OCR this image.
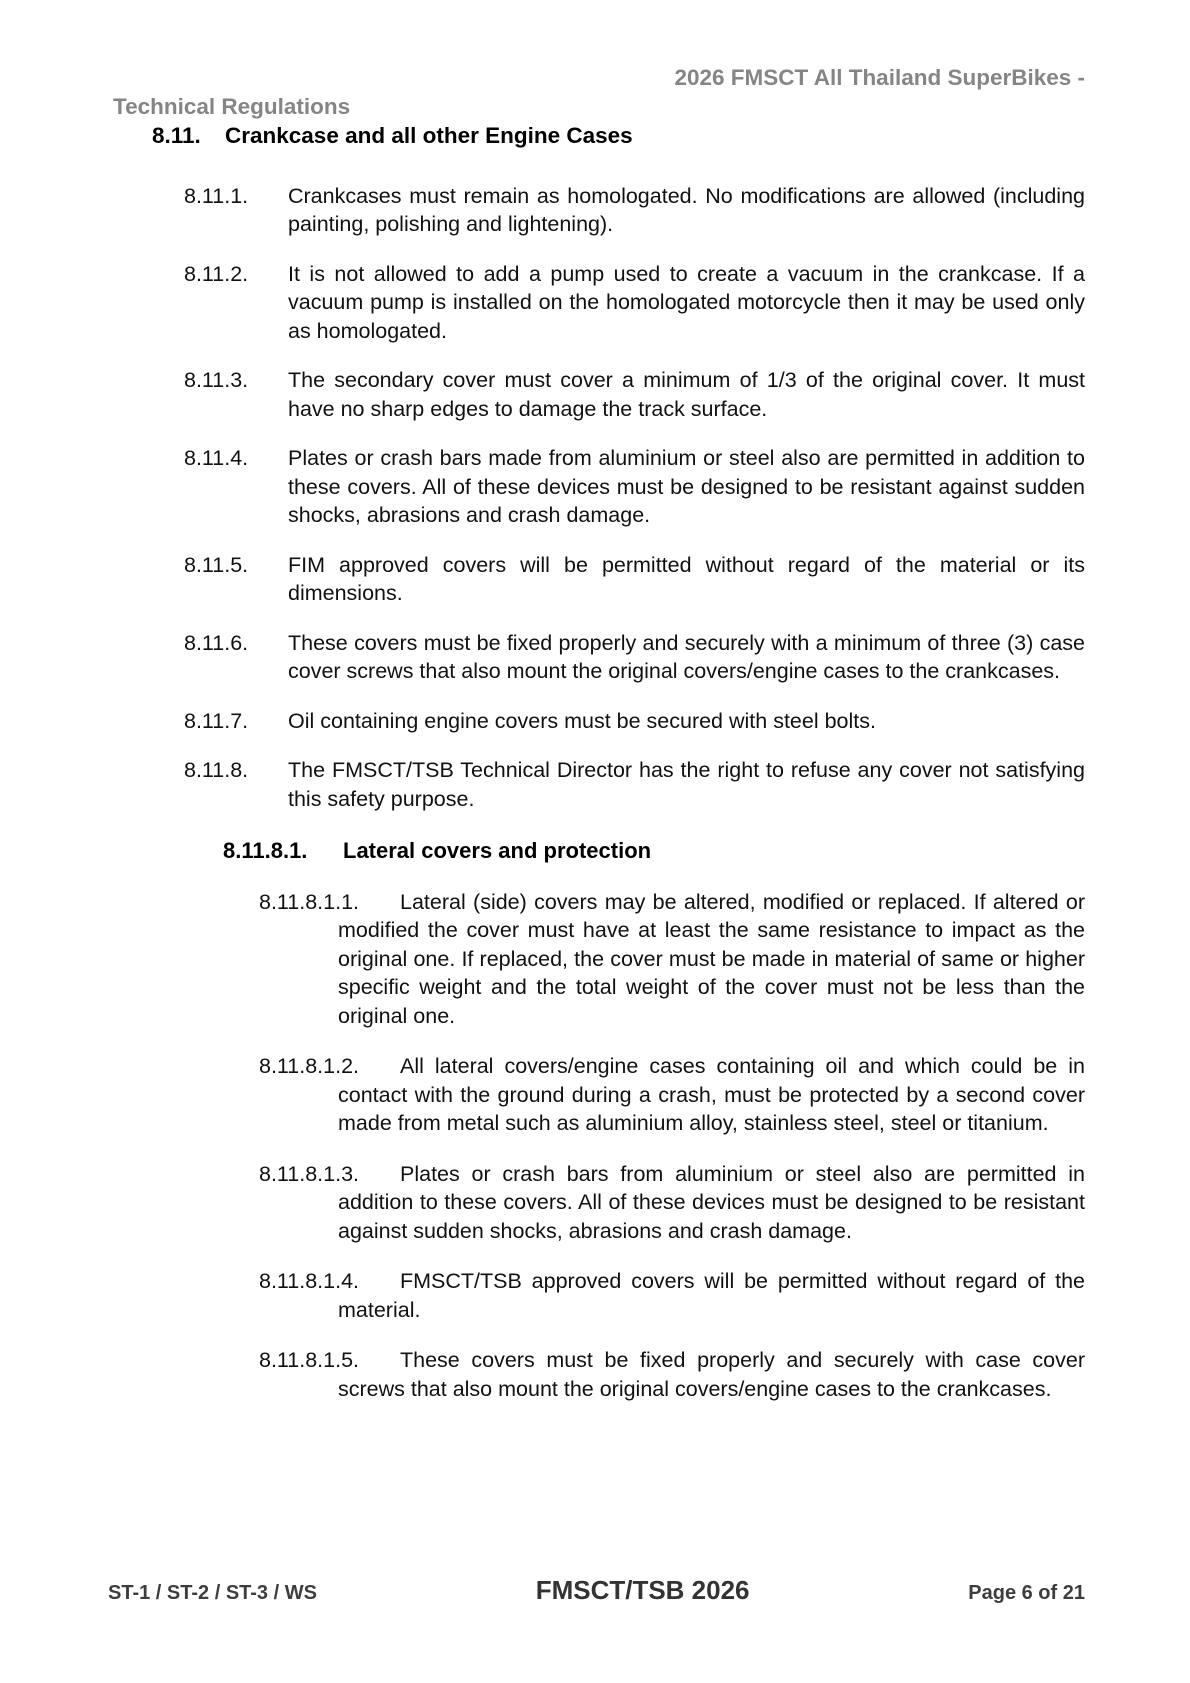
2026 FMSCT All Thailand SuperBikes -
Technical Regulations
8.11. Crankcase and all other Engine Cases
8.11.1. Crankcases must remain as homologated. No modifications are allowed (including painting, polishing and lightening).
8.11.2. It is not allowed to add a pump used to create a vacuum in the crankcase. If a vacuum pump is installed on the homologated motorcycle then it may be used only as homologated.
8.11.3. The secondary cover must cover a minimum of 1/3 of the original cover. It must have no sharp edges to damage the track surface.
8.11.4. Plates or crash bars made from aluminium or steel also are permitted in addition to these covers. All of these devices must be designed to be resistant against sudden shocks, abrasions and crash damage.
8.11.5. FIM approved covers will be permitted without regard of the material or its dimensions.
8.11.6. These covers must be fixed properly and securely with a minimum of three (3) case cover screws that also mount the original covers/engine cases to the crankcases.
8.11.7. Oil containing engine covers must be secured with steel bolts.
8.11.8. The FMSCT/TSB Technical Director has the right to refuse any cover not satisfying this safety purpose.
8.11.8.1. Lateral covers and protection
8.11.8.1.1. Lateral (side) covers may be altered, modified or replaced. If altered or modified the cover must have at least the same resistance to impact as the original one. If replaced, the cover must be made in material of same or higher specific weight and the total weight of the cover must not be less than the original one.
8.11.8.1.2. All lateral covers/engine cases containing oil and which could be in contact with the ground during a crash, must be protected by a second cover made from metal such as aluminium alloy, stainless steel, steel or titanium.
8.11.8.1.3. Plates or crash bars from aluminium or steel also are permitted in addition to these covers. All of these devices must be designed to be resistant against sudden shocks, abrasions and crash damage.
8.11.8.1.4. FMSCT/TSB approved covers will be permitted without regard of the material.
8.11.8.1.5. These covers must be fixed properly and securely with case cover screws that also mount the original covers/engine cases to the crankcases.
ST-1 / ST-2 / ST-3 / WS	FMSCT/TSB 2026	Page 6 of 21
